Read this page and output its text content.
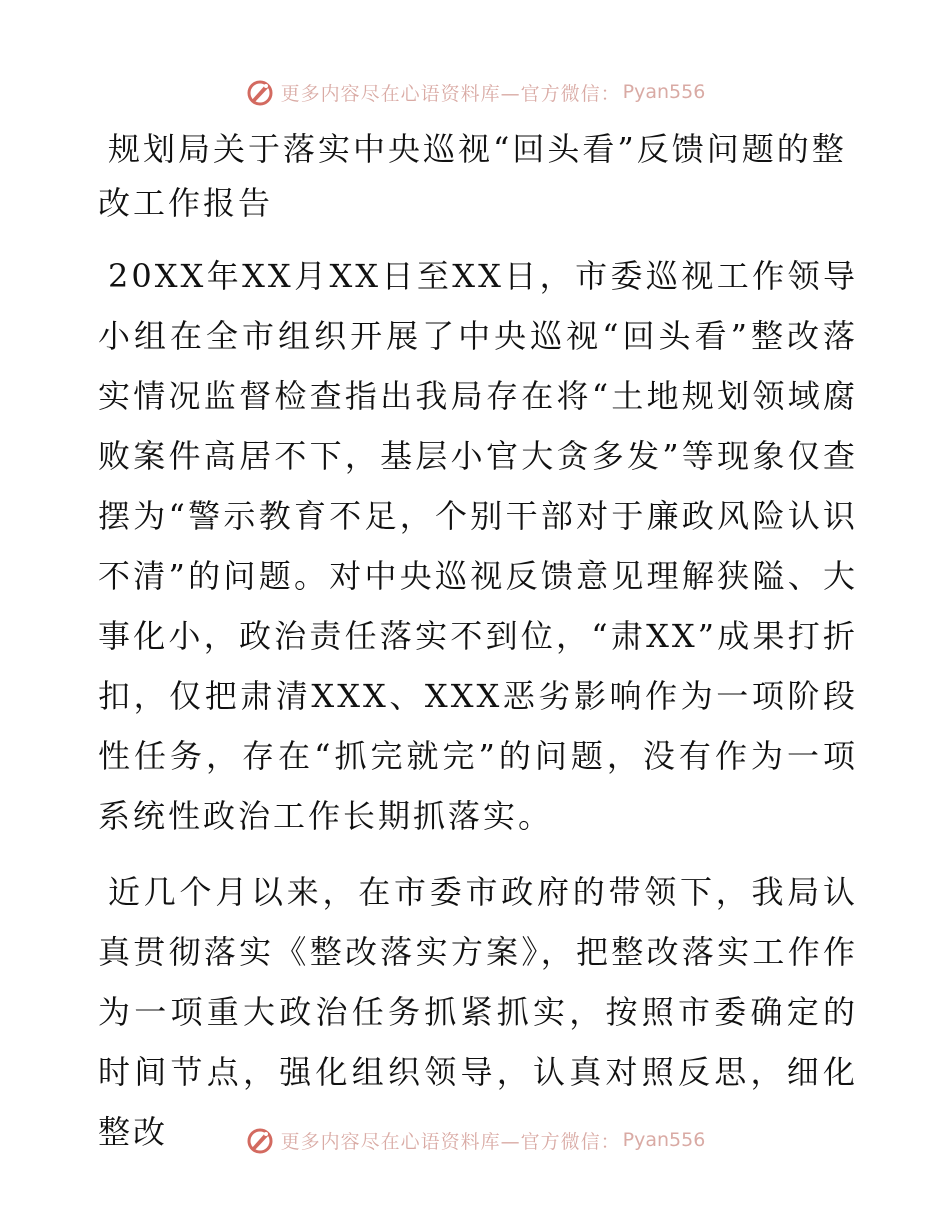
更多内容尽在心语资料库—官方微信： Pyan556
规划局关于落实中央巡视“回头看”反馈问题的整改工作报告

20XX年XX月XX日至XX日，市委巡视工作领导小组在全市组织开展了中央巡视“回头看”整改落实情况监督检查指出我局存在将“土地规划领域腐败案件高居不下，基层小官大贪多发”等现象仅查摆为“警示教育不足，个别干部对于廉政风险认识不清”的问题。对中央巡视反馈意见理解狭隘、大事化小，政治责任落实不到位，“肃XX”成果打折扣，仅把肃清XXX、XXX恶劣影响作为一项阶段性任务，存在“抓完就完”的问题，没有作为一项系统性政治工作长期抓落实。

近几个月以来，在市委市政府的带领下，我局认真贯彻落实《整改落实方案》，把整改落实工作作为一项重大政治任务抓紧抓实，按照市委确定的时间节点，强化组织领导，认真对照反思，细化整改	更多内容尽在心语资料库—官方微信： Pyan556
